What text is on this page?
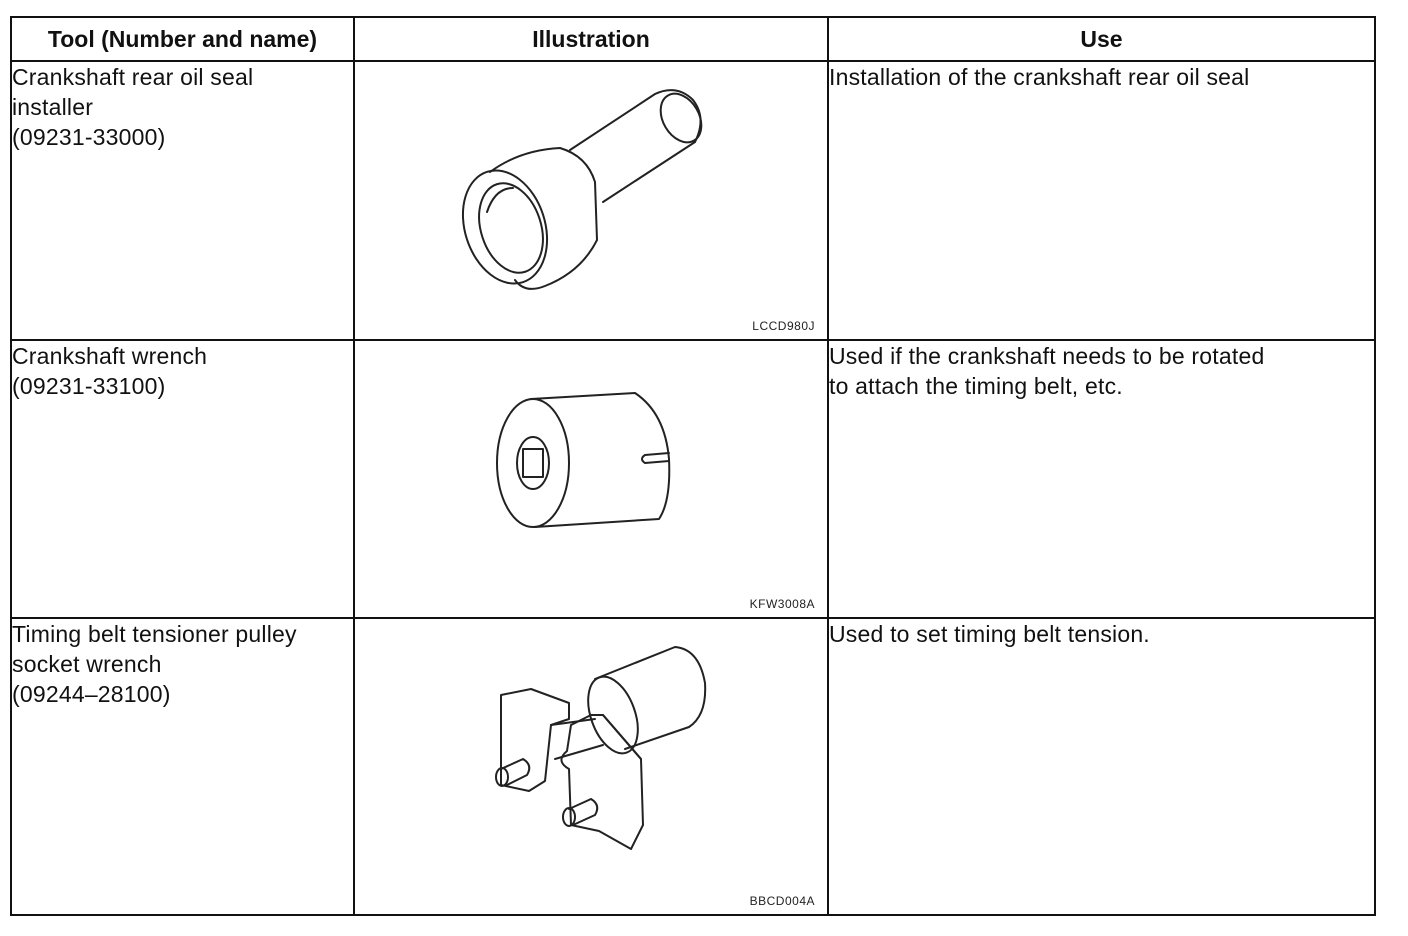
Tool (Number and name)	Illustration	Use

Crankshaft rear oil seal
installer
(09231-33000)	LCCD980J	Installation of the crankshaft rear oil seal

Crankshaft wrench
(09231-33100)	KFW3008A	Used if the crankshaft needs to be rotated
to attach the timing belt, etc.

Timing belt tensioner pulley
socket wrench
(09244–28100)	BBCD004A	Used to set timing belt tension.
